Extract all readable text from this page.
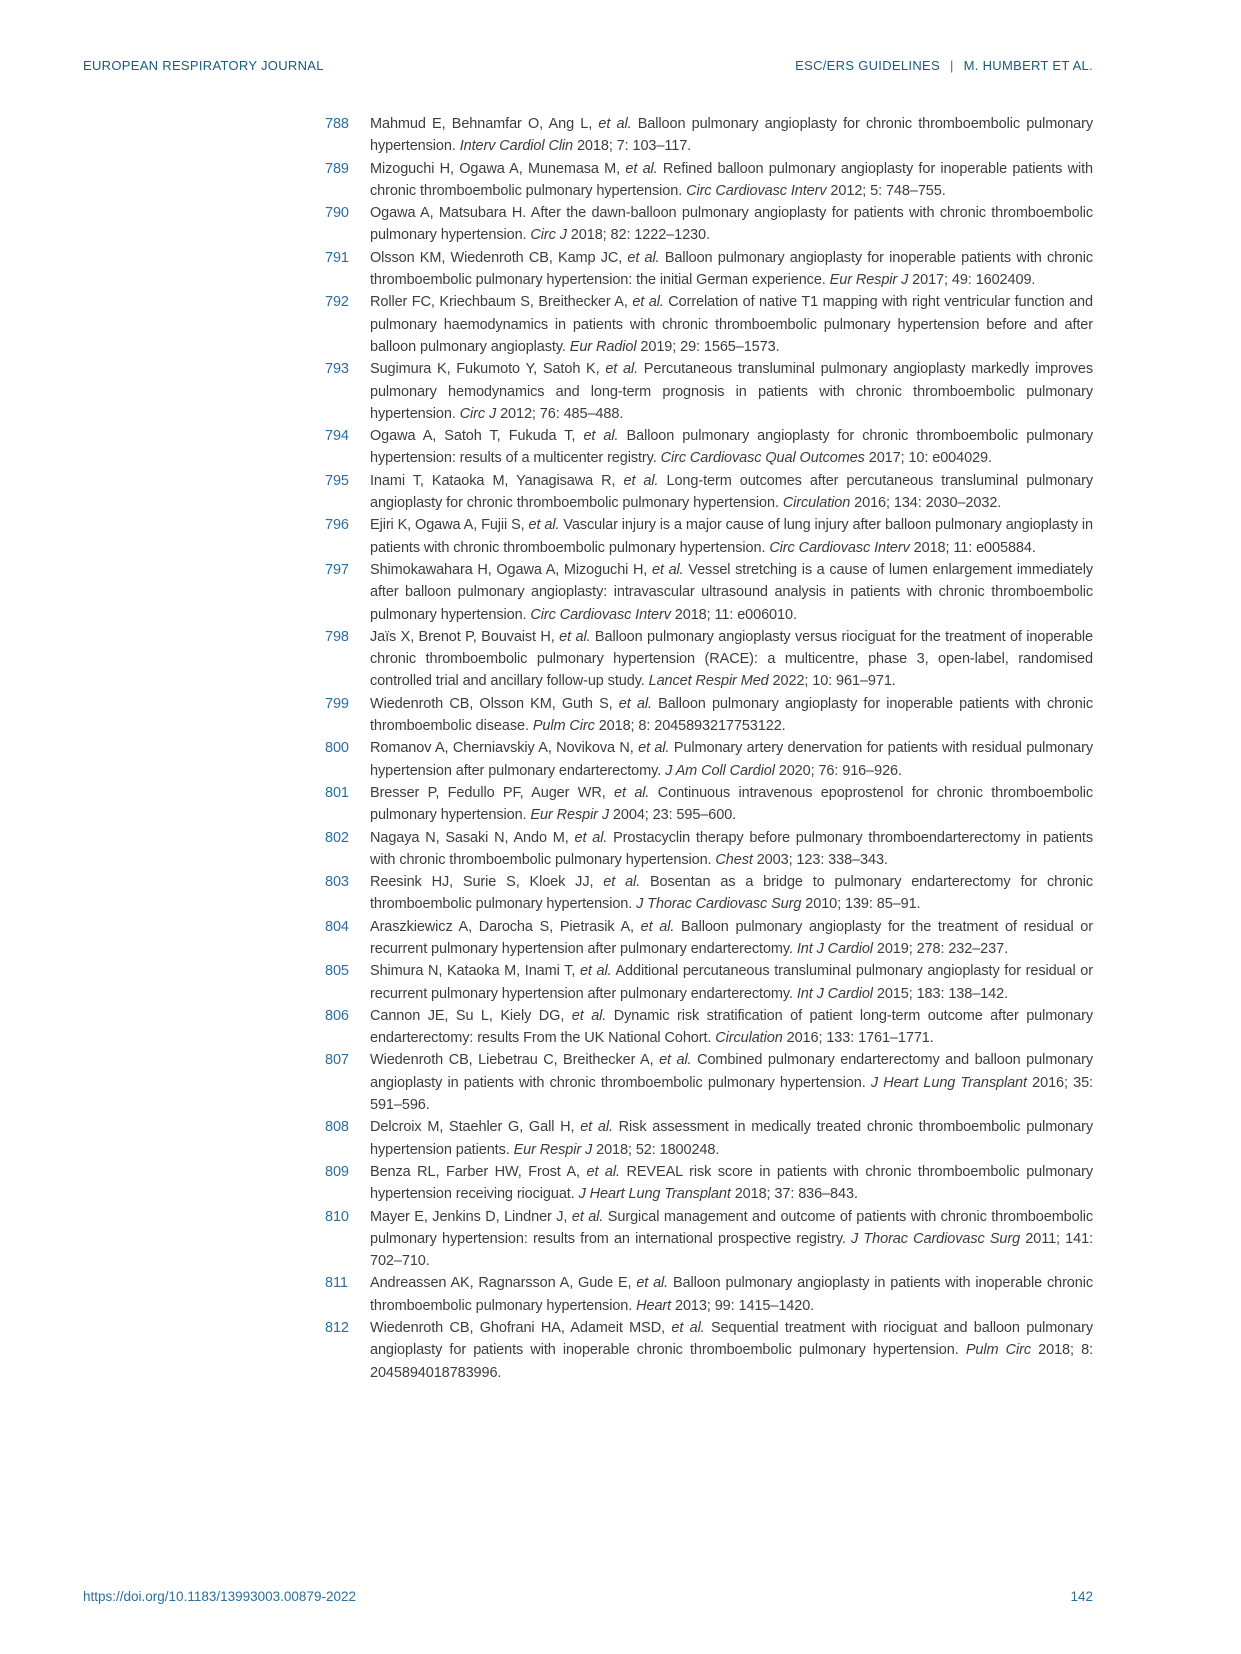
EUROPEAN RESPIRATORY JOURNAL	ESC/ERS GUIDELINES | M. HUMBERT ET AL.
788 Mahmud E, Behnamfar O, Ang L, et al. Balloon pulmonary angioplasty for chronic thromboembolic pulmonary hypertension. Interv Cardiol Clin 2018; 7: 103–117.

789 Mizoguchi H, Ogawa A, Munemasa M, et al. Refined balloon pulmonary angioplasty for inoperable patients with chronic thromboembolic pulmonary hypertension. Circ Cardiovasc Interv 2012; 5: 748–755.

790 Ogawa A, Matsubara H. After the dawn-balloon pulmonary angioplasty for patients with chronic thromboembolic pulmonary hypertension. Circ J 2018; 82: 1222–1230.

791 Olsson KM, Wiedenroth CB, Kamp JC, et al. Balloon pulmonary angioplasty for inoperable patients with chronic thromboembolic pulmonary hypertension: the initial German experience. Eur Respir J 2017; 49: 1602409.

792 Roller FC, Kriechbaum S, Breithecker A, et al. Correlation of native T1 mapping with right ventricular function and pulmonary haemodynamics in patients with chronic thromboembolic pulmonary hypertension before and after balloon pulmonary angioplasty. Eur Radiol 2019; 29: 1565–1573.

793 Sugimura K, Fukumoto Y, Satoh K, et al. Percutaneous transluminal pulmonary angioplasty markedly improves pulmonary hemodynamics and long-term prognosis in patients with chronic thromboembolic pulmonary hypertension. Circ J 2012; 76: 485–488.

794 Ogawa A, Satoh T, Fukuda T, et al. Balloon pulmonary angioplasty for chronic thromboembolic pulmonary hypertension: results of a multicenter registry. Circ Cardiovasc Qual Outcomes 2017; 10: e004029.

795 Inami T, Kataoka M, Yanagisawa R, et al. Long-term outcomes after percutaneous transluminal pulmonary angioplasty for chronic thromboembolic pulmonary hypertension. Circulation 2016; 134: 2030–2032.

796 Ejiri K, Ogawa A, Fujii S, et al. Vascular injury is a major cause of lung injury after balloon pulmonary angioplasty in patients with chronic thromboembolic pulmonary hypertension. Circ Cardiovasc Interv 2018; 11: e005884.

797 Shimokawahara H, Ogawa A, Mizoguchi H, et al. Vessel stretching is a cause of lumen enlargement immediately after balloon pulmonary angioplasty: intravascular ultrasound analysis in patients with chronic thromboembolic pulmonary hypertension. Circ Cardiovasc Interv 2018; 11: e006010.

798 Jaïs X, Brenot P, Bouvaist H, et al. Balloon pulmonary angioplasty versus riociguat for the treatment of inoperable chronic thromboembolic pulmonary hypertension (RACE): a multicentre, phase 3, open-label, randomised controlled trial and ancillary follow-up study. Lancet Respir Med 2022; 10: 961–971.

799 Wiedenroth CB, Olsson KM, Guth S, et al. Balloon pulmonary angioplasty for inoperable patients with chronic thromboembolic disease. Pulm Circ 2018; 8: 2045893217753122.

800 Romanov A, Cherniavskiy A, Novikova N, et al. Pulmonary artery denervation for patients with residual pulmonary hypertension after pulmonary endarterectomy. J Am Coll Cardiol 2020; 76: 916–926.

801 Bresser P, Fedullo PF, Auger WR, et al. Continuous intravenous epoprostenol for chronic thromboembolic pulmonary hypertension. Eur Respir J 2004; 23: 595–600.

802 Nagaya N, Sasaki N, Ando M, et al. Prostacyclin therapy before pulmonary thromboendarterectomy in patients with chronic thromboembolic pulmonary hypertension. Chest 2003; 123: 338–343.

803 Reesink HJ, Surie S, Kloek JJ, et al. Bosentan as a bridge to pulmonary endarterectomy for chronic thromboembolic pulmonary hypertension. J Thorac Cardiovasc Surg 2010; 139: 85–91.

804 Araszkiewicz A, Darocha S, Pietrasik A, et al. Balloon pulmonary angioplasty for the treatment of residual or recurrent pulmonary hypertension after pulmonary endarterectomy. Int J Cardiol 2019; 278: 232–237.

805 Shimura N, Kataoka M, Inami T, et al. Additional percutaneous transluminal pulmonary angioplasty for residual or recurrent pulmonary hypertension after pulmonary endarterectomy. Int J Cardiol 2015; 183: 138–142.

806 Cannon JE, Su L, Kiely DG, et al. Dynamic risk stratification of patient long-term outcome after pulmonary endarterectomy: results From the UK National Cohort. Circulation 2016; 133: 1761–1771.

807 Wiedenroth CB, Liebetrau C, Breithecker A, et al. Combined pulmonary endarterectomy and balloon pulmonary angioplasty in patients with chronic thromboembolic pulmonary hypertension. J Heart Lung Transplant 2016; 35: 591–596.

808 Delcroix M, Staehler G, Gall H, et al. Risk assessment in medically treated chronic thromboembolic pulmonary hypertension patients. Eur Respir J 2018; 52: 1800248.

809 Benza RL, Farber HW, Frost A, et al. REVEAL risk score in patients with chronic thromboembolic pulmonary hypertension receiving riociguat. J Heart Lung Transplant 2018; 37: 836–843.

810 Mayer E, Jenkins D, Lindner J, et al. Surgical management and outcome of patients with chronic thromboembolic pulmonary hypertension: results from an international prospective registry. J Thorac Cardiovasc Surg 2011; 141: 702–710.

811	Andreassen AK, Ragnarsson A, Gude E, et al. Balloon pulmonary angioplasty in patients with inoperable chronic thromboembolic pulmonary hypertension. Heart 2013; 99: 1415–1420.

812 Wiedenroth CB, Ghofrani HA, Adameit MSD, et al. Sequential treatment with riociguat and balloon pulmonary angioplasty for patients with inoperable chronic thromboembolic pulmonary hypertension. Pulm Circ 2018; 8: 2045894018783996.

https://doi.org/10.1183/13993003.00879-2022	142
